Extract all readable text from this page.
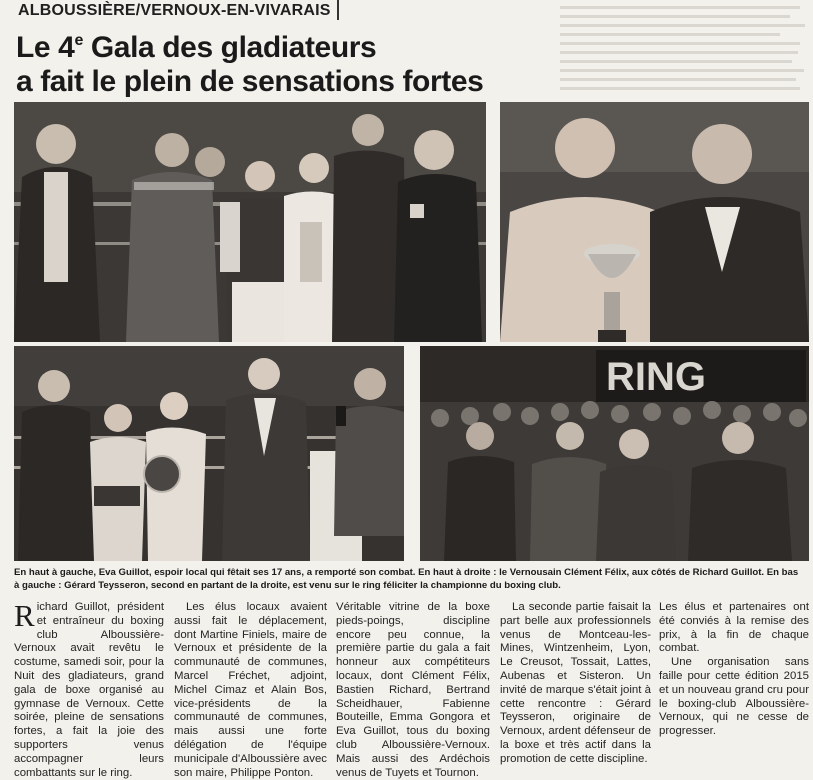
ALBOUSSIÈRE/VERNOUX-EN-VIVARAIS
Le 4e Gala des gladiateurs
a fait le plein de sensations fortes
RING
En haut à gauche, Eva Guillot, espoir local qui fêtait ses 17 ans, a remporté son combat. En haut à droite : le Vernousain Clément Félix, aux côtés de Richard Guillot. En bas à gauche : Gérard Teysseron, second en partant de la droite, est venu sur le ring féliciter la championne du boxing club.

Richard Guillot, président et entraîneur du boxing club Alboussière-Vernoux avait revêtu le costume, samedi soir, pour la Nuit des gladiateurs, grand gala de boxe organisé au gymnase de Vernoux. Cette soirée, pleine de sensations fortes, a fait la joie des supporters venus accompagner leurs combattants sur le ring.

Les élus locaux avaient aussi fait le déplacement, dont Martine Finiels, maire de Vernoux et présidente de la communauté de communes, Marcel Fréchet, adjoint, Michel Cimaz et Alain Bos, vice-présidents de la communauté de communes, mais aussi une forte délégation de l'équipe municipale d'Alboussière avec son maire, Philippe Ponton.

Véritable vitrine de la boxe pieds-poings, discipline encore peu connue, la première partie du gala a fait honneur aux compétiteurs locaux, dont Clément Félix, Bastien Richard, Bertrand Scheidhauer, Fabienne Bouteille, Emma Gongora et Eva Guillot, tous du boxing club Alboussière-Vernoux. Mais aussi des Ardéchois venus de Tuyets et Tournon.

La seconde partie faisait la part belle aux professionnels venus de Montceau-les-Mines, Wintzenheim, Lyon, Le Creusot, Tossait, Lattes, Aubenas et Sisteron. Un invité de marque s'était joint à cette rencontre : Gérard Teysseron, originaire de Vernoux, ardent défenseur de la boxe et très actif dans la promotion de cette discipline.

Les élus et partenaires ont été conviés à la remise des prix, à la fin de chaque combat.

Une organisation sans faille pour cette édition 2015 et un nouveau grand cru pour le boxing-club Alboussière-Vernoux, qui ne cesse de progresser.
